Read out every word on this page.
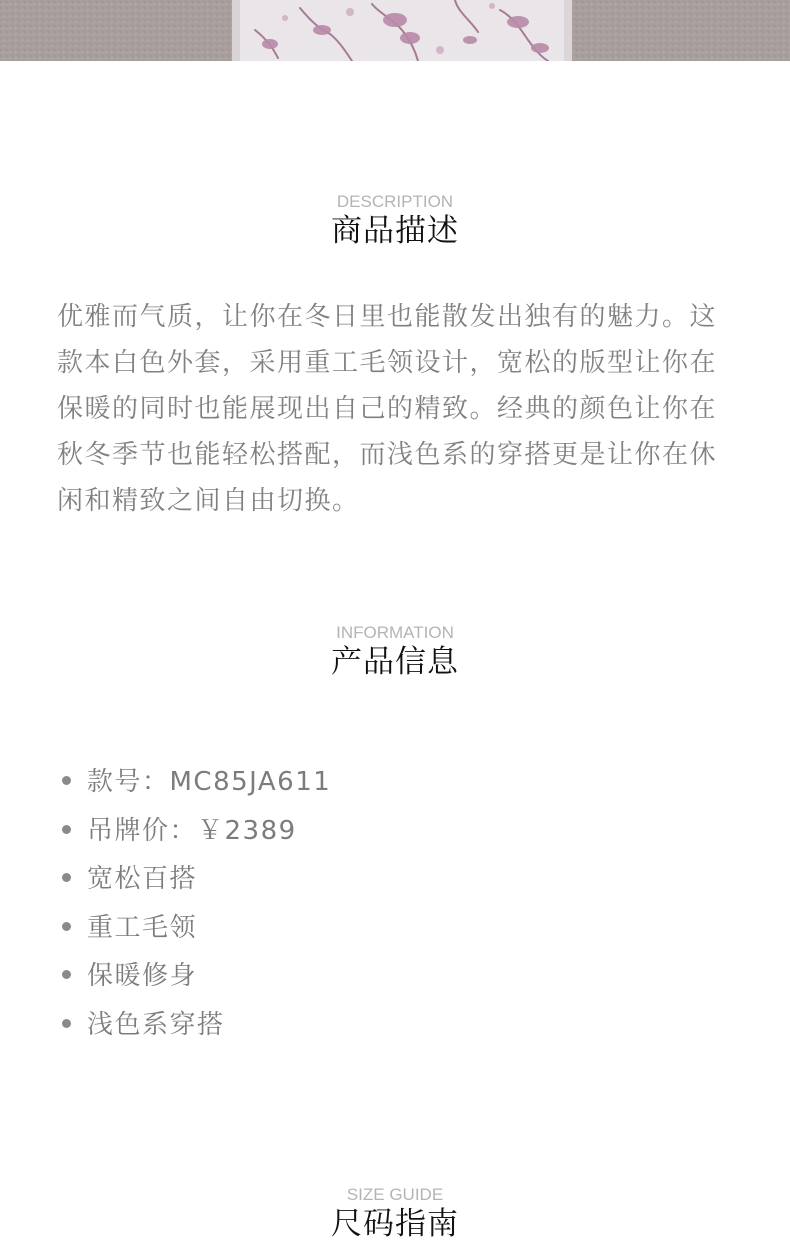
DESCRIPTION
商品描述

优雅而气质，让你在冬日里也能散发出独有的魅力。这款本白色外套，采用重工毛领设计，宽松的版型让你在保暖的同时也能展现出自己的精致。经典的颜色让你在秋冬季节也能轻松搭配，而浅色系的穿搭更是让你在休闲和精致之间自由切换。

INFORMATION
产品信息
款号：MC85JA611
吊牌价：￥2389
宽松百搭
重工毛领
保暖修身
浅色系穿搭
SIZE GUIDE
尺码指南
